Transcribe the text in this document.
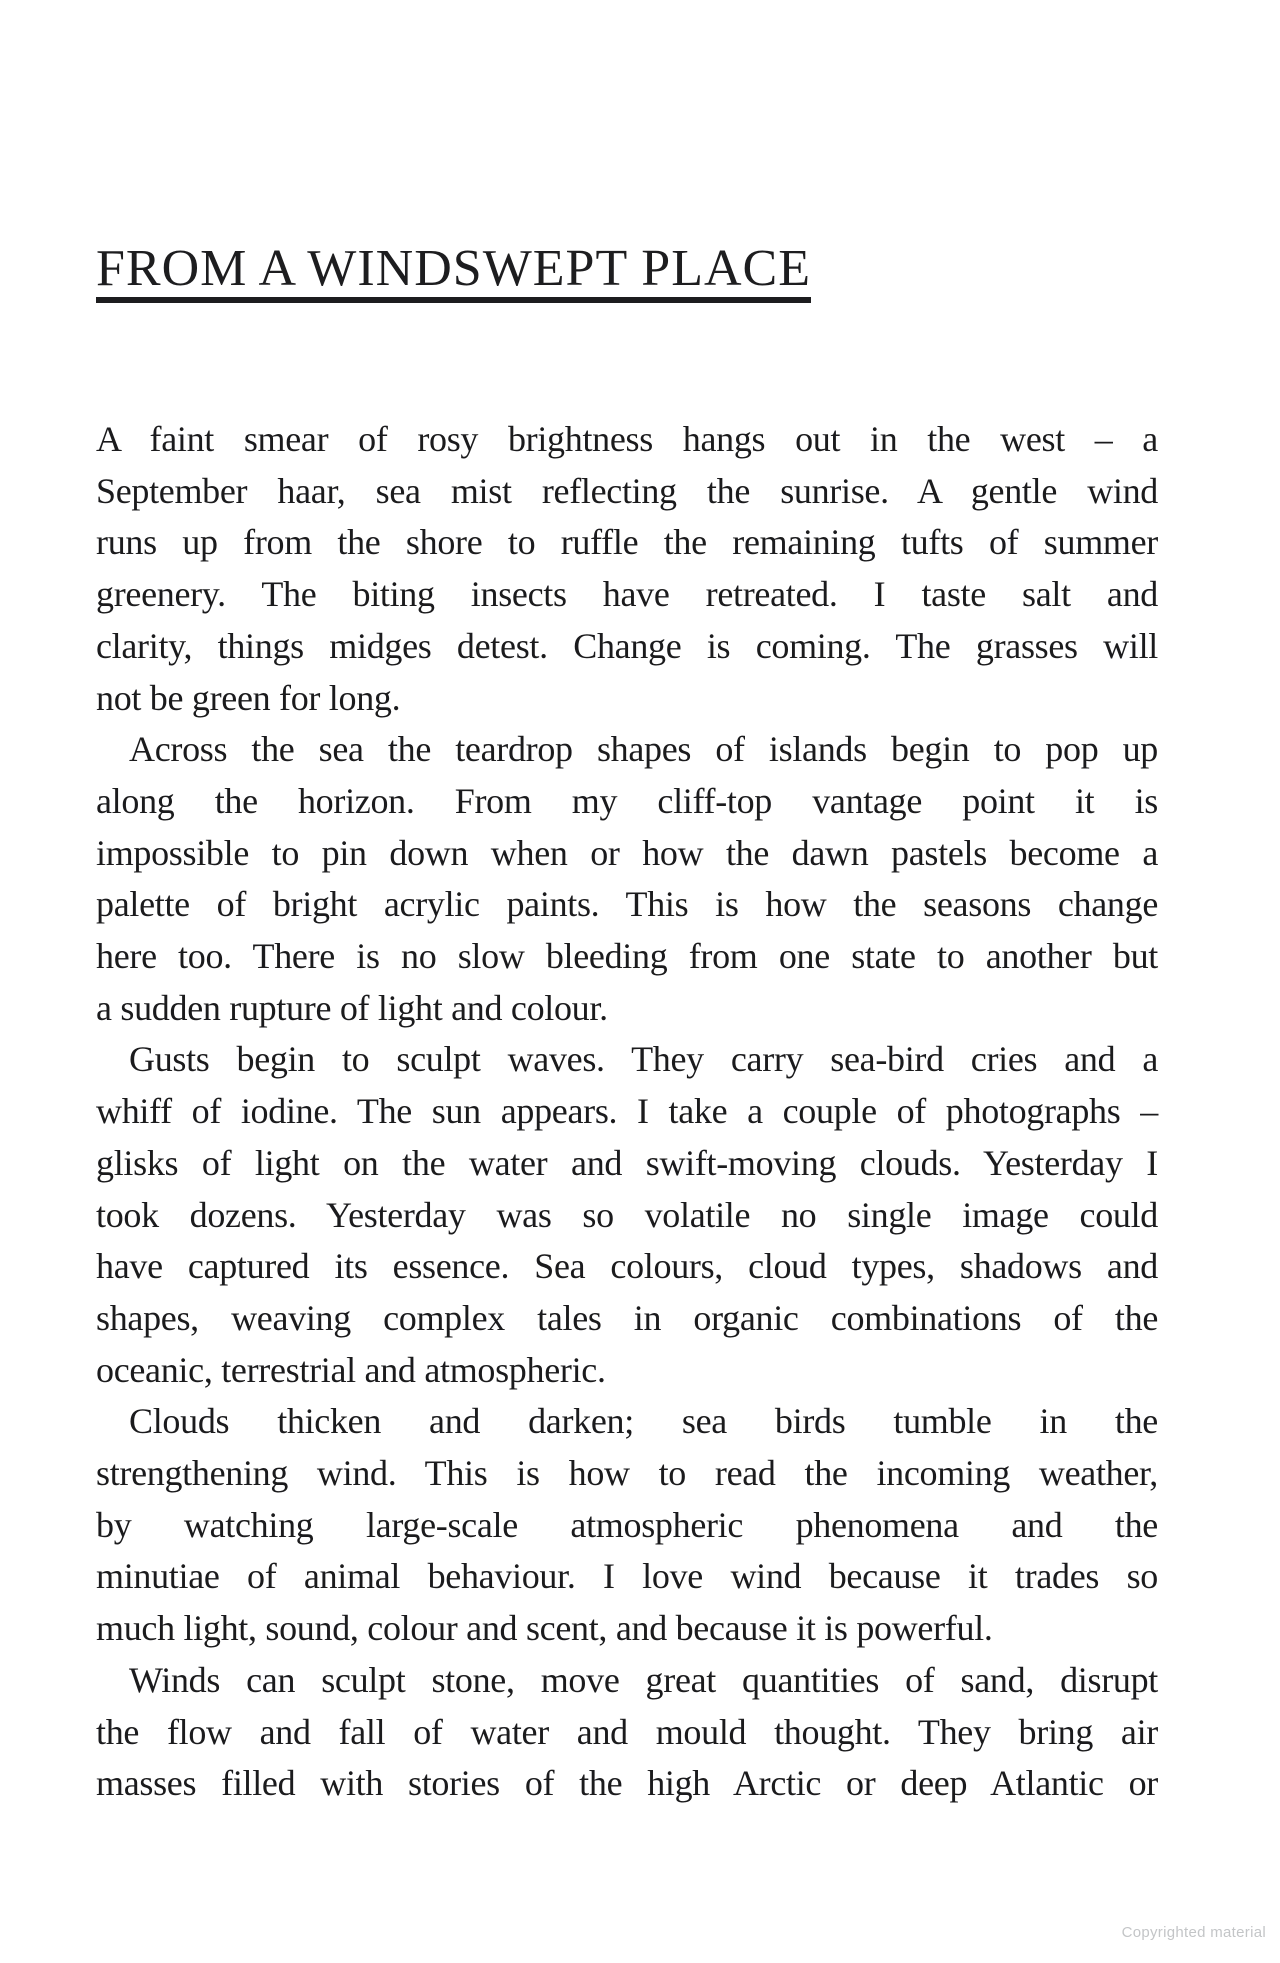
FROM A WINDSWEPT PLACE
A faint smear of rosy brightness hangs out in the west – a
September haar, sea mist reflecting the sunrise. A gentle wind
runs up from the shore to ruffle the remaining tufts of summer
greenery. The biting insects have retreated. I taste salt and
clarity, things midges detest. Change is coming. The grasses will
not be green for long.
Across the sea the teardrop shapes of islands begin to pop up
along the horizon. From my cliff-top vantage point it is
impossible to pin down when or how the dawn pastels become a
palette of bright acrylic paints. This is how the seasons change
here too. There is no slow bleeding from one state to another but
a sudden rupture of light and colour.
Gusts begin to sculpt waves. They carry sea-bird cries and a
whiff of iodine. The sun appears. I take a couple of photographs –
glisks of light on the water and swift-moving clouds. Yesterday I
took dozens. Yesterday was so volatile no single image could
have captured its essence. Sea colours, cloud types, shadows and
shapes, weaving complex tales in organic combinations of the
oceanic, terrestrial and atmospheric.
Clouds thicken and darken; sea birds tumble in the
strengthening wind. This is how to read the incoming weather,
by watching large-scale atmospheric phenomena and the
minutiae of animal behaviour. I love wind because it trades so
much light, sound, colour and scent, and because it is powerful.
Winds can sculpt stone, move great quantities of sand, disrupt
the flow and fall of water and mould thought. They bring air
masses filled with stories of the high Arctic or deep Atlantic or
Copyrighted material
